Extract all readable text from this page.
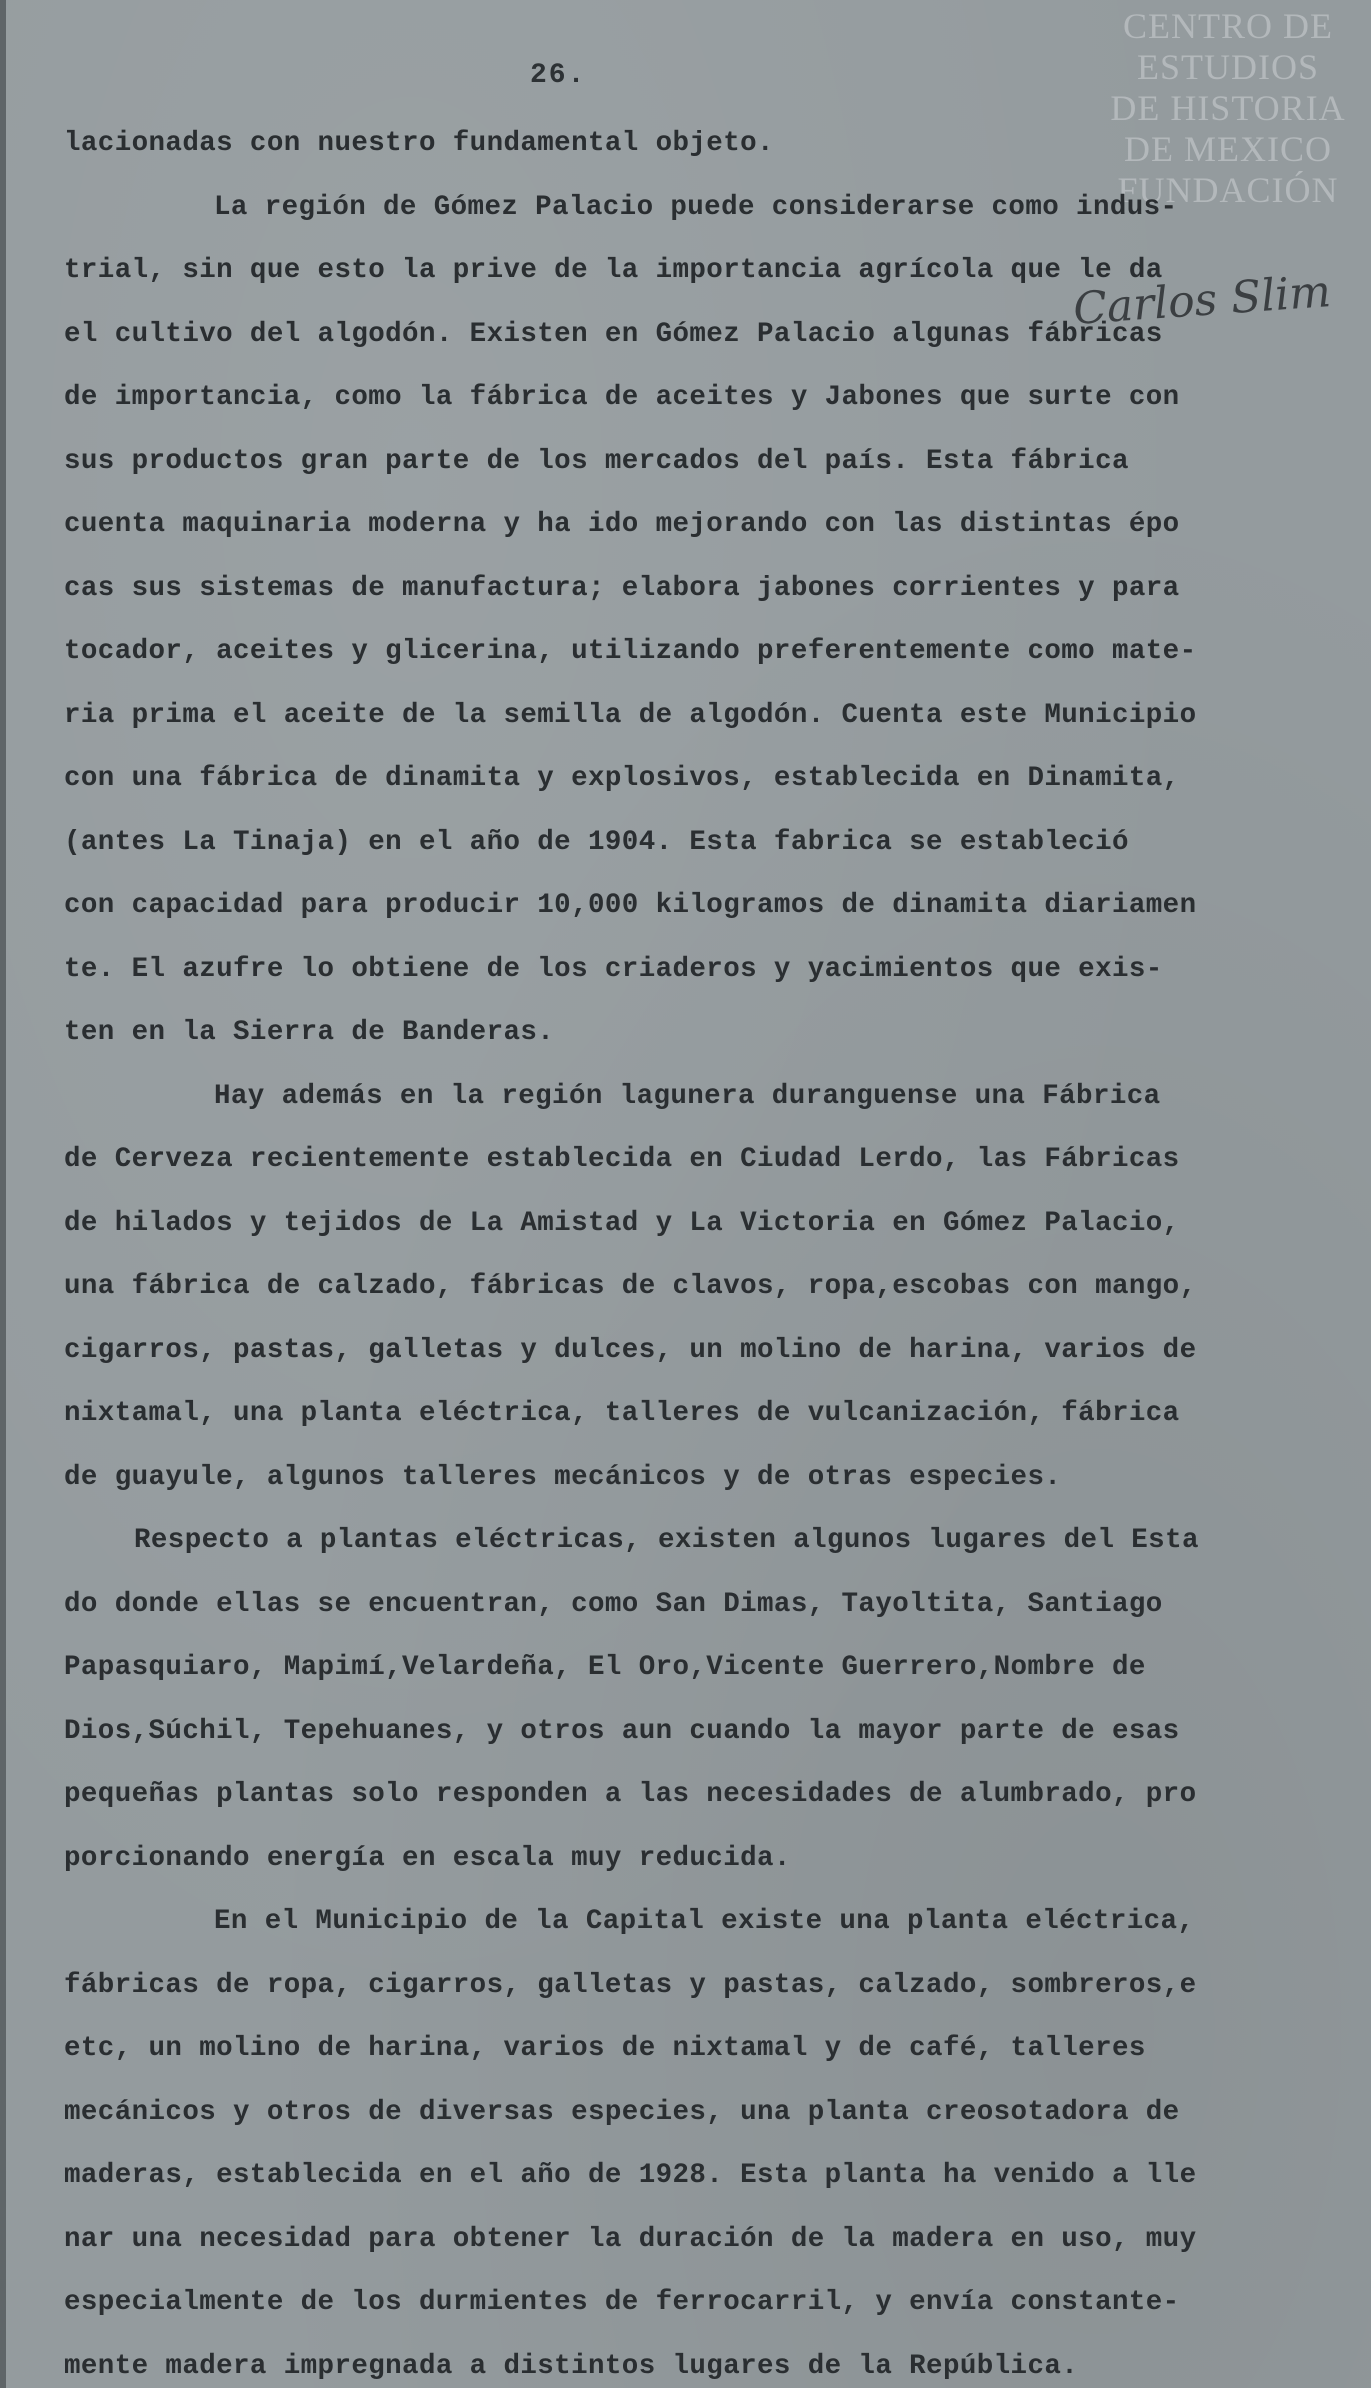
26.
CENTRO DE
ESTUDIOS
DE HISTORIA
DE MEXICO
FUNDACIÓN
Carlos Slim

lacionadas con nuestro fundamental objeto.

La región de Gómez Palacio puede considerarse como indus-
trial, sin que esto la prive de la importancia agrícola que le da
el cultivo del algodón. Existen en Gómez Palacio algunas fábricas
de importancia, como la fábrica de aceites y Jabones que surte con
sus productos gran parte de los mercados del país. Esta fábrica
cuenta maquinaria moderna y ha ido mejorando con las distintas épo
cas sus sistemas de manufactura; elabora jabones corrientes y para
tocador, aceites y glicerina, utilizando preferentemente como mate-
ria prima el aceite de la semilla de algodón. Cuenta este Municipio
con una fábrica de dinamita y explosivos, establecida en Dinamita,
(antes La Tinaja) en el año de 1904. Esta fabrica se estableció
con capacidad para producir 10,000 kilogramos de dinamita diariamen
te. El azufre lo obtiene de los criaderos y yacimientos que exis-
ten en la Sierra de Banderas.

Hay además en la región lagunera duranguense una Fábrica
de Cerveza recientemente establecida en Ciudad Lerdo, las Fábricas
de hilados y tejidos de La Amistad y La Victoria en Gómez Palacio,
una fábrica de calzado, fábricas de clavos, ropa,escobas con mango,
cigarros, pastas, galletas y dulces, un molino de harina, varios de
nixtamal, una planta eléctrica, talleres de vulcanización, fábrica
de guayule, algunos talleres mecánicos y de otras especies.

Respecto a plantas eléctricas, existen algunos lugares del Esta
do donde ellas se encuentran, como San Dimas, Tayoltita, Santiago
Papasquiaro, Mapimí,Velardeña, El Oro,Vicente Guerrero,Nombre de
Dios,Súchil, Tepehuanes, y otros aun cuando la mayor parte de esas
pequeñas plantas solo responden a las necesidades de alumbrado, pro
porcionando energía en escala muy reducida.

En el Municipio de la Capital existe una planta eléctrica,
fábricas de ropa, cigarros, galletas y pastas, calzado, sombreros,e
etc, un molino de harina, varios de nixtamal y de café, talleres
mecánicos y otros de diversas especies, una planta creosotadora de
maderas, establecida en el año de 1928. Esta planta ha venido a lle
nar una necesidad para obtener la duración de la madera en uso, muy
especialmente de los durmientes de ferrocarril, y envía constante-
mente madera impregnada a distintos lugares de la República.
